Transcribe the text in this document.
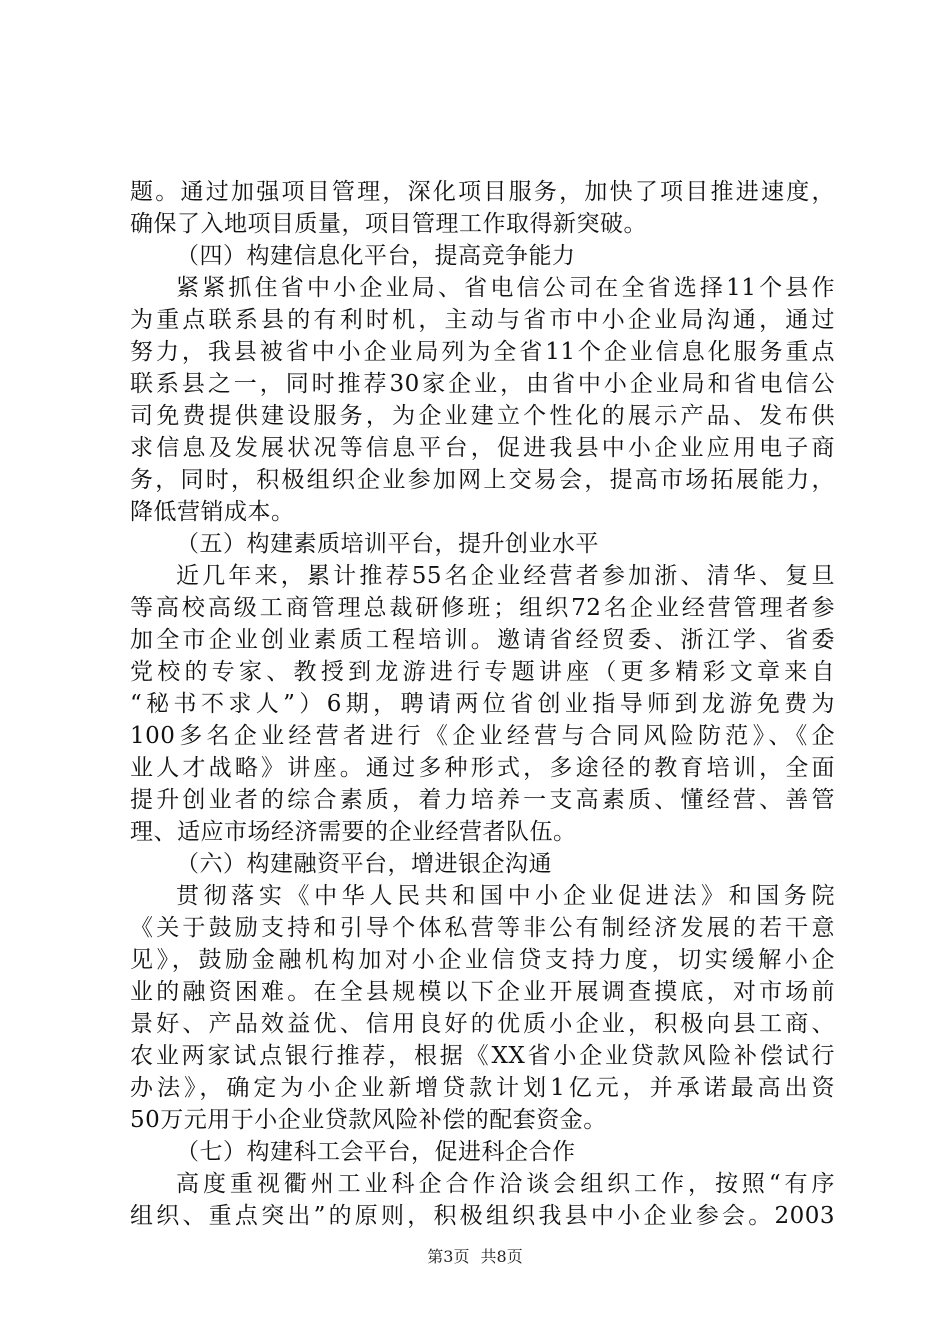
题。通过加强项目管理，深化项目服务，加快了项目推进速度，
确保了入地项目质量，项目管理工作取得新突破。
（四）构建信息化平台，提高竞争能力
紧紧抓住省中小企业局、省电信公司在全省选择11个县作
为重点联系县的有利时机，主动与省市中小企业局沟通，通过
努力，我县被省中小企业局列为全省11个企业信息化服务重点
联系县之一，同时推荐30家企业，由省中小企业局和省电信公
司免费提供建设服务，为企业建立个性化的展示产品、发布供
求信息及发展状况等信息平台，促进我县中小企业应用电子商
务，同时，积极组织企业参加网上交易会，提高市场拓展能力，
降低营销成本。
（五）构建素质培训平台，提升创业水平
近几年来，累计推荐55名企业经营者参加浙、清华、复旦
等高校高级工商管理总裁研修班；组织72名企业经营管理者参
加全市企业创业素质工程培训。邀请省经贸委、浙江学、省委
党校的专家、教授到龙游进行专题讲座（更多精彩文章来自
“秘书不求人”）6期，聘请两位省创业指导师到龙游免费为
100多名企业经营者进行《企业经营与合同风险防范》、《企
业人才战略》讲座。通过多种形式，多途径的教育培训，全面
提升创业者的综合素质，着力培养一支高素质、懂经营、善管
理、适应市场经济需要的企业经营者队伍。
（六）构建融资平台，增进银企沟通
贯彻落实《中华人民共和国中小企业促进法》和国务院
《关于鼓励支持和引导个体私营等非公有制经济发展的若干意
见》，鼓励金融机构加对小企业信贷支持力度，切实缓解小企
业的融资困难。在全县规模以下企业开展调查摸底，对市场前
景好、产品效益优、信用良好的优质小企业，积极向县工商、
农业两家试点银行推荐，根据《XX省小企业贷款风险补偿试行
办法》，确定为小企业新增贷款计划1亿元，并承诺最高出资
50万元用于小企业贷款风险补偿的配套资金。
（七）构建科工会平台，促进科企合作
高度重视衢州工业科企合作洽谈会组织工作，按照“有序
组织、重点突出”的原则，积极组织我县中小企业参会。2003
第3页 共8页
